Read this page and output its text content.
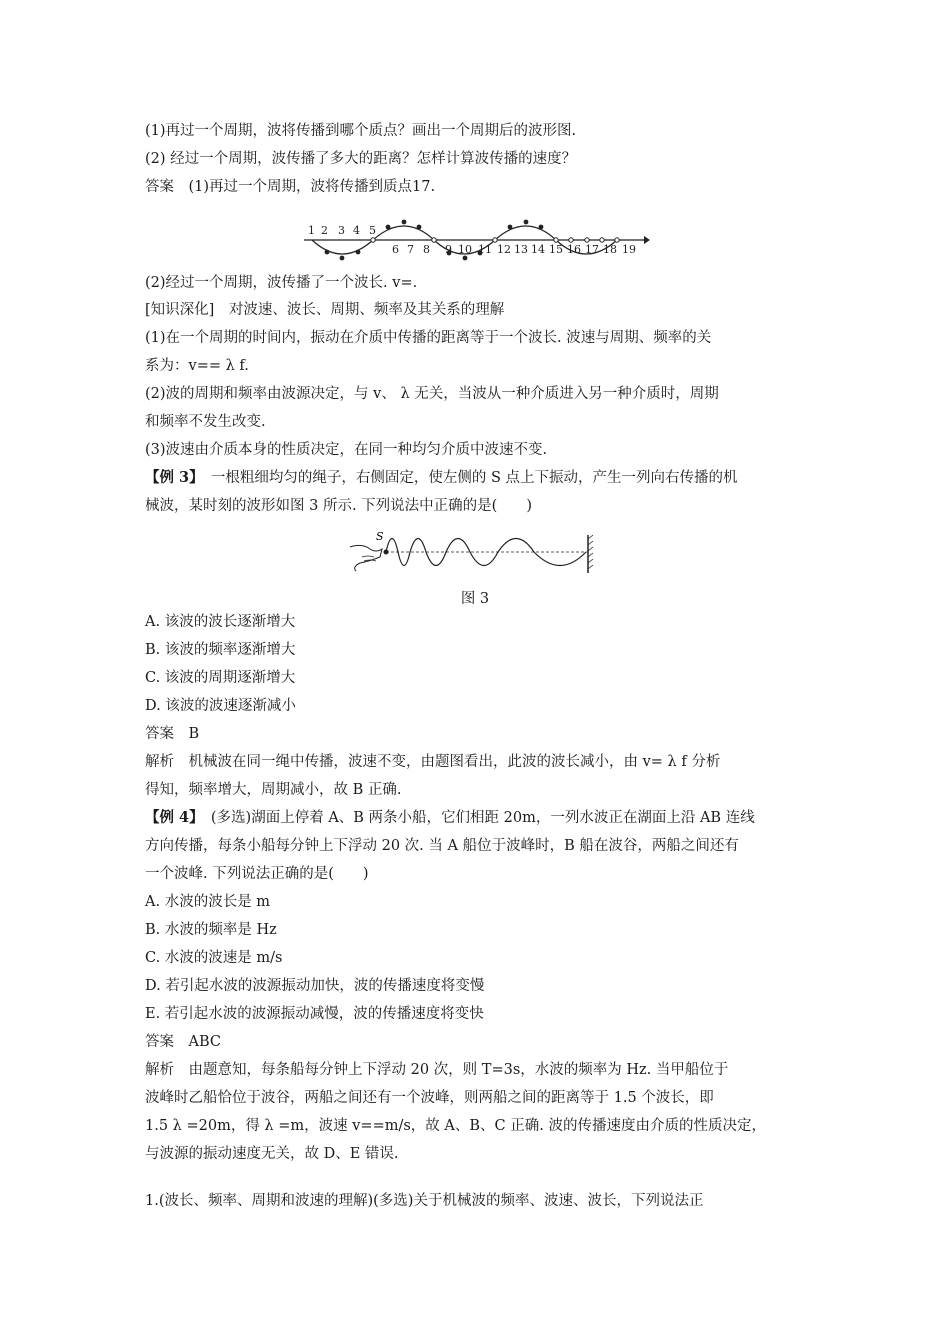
(1)再过一个周期，波将传播到哪个质点？画出一个周期后的波形图.
(2) 经过一个周期，波传播了多大的距离？怎样计算波传播的速度？
答案　(1)再过一个周期，波将传播到质点17.
1 2 3 4 5
6 7 8 9 10 11 12 13 14 15 16 17 18 19
(2)经过一个周期，波传播了一个波长. v=.
[知识深化]　对波速、波长、周期、频率及其关系的理解
(1)在一个周期的时间内，振动在介质中传播的距离等于一个波长. 波速与周期、频率的关
系为：v== λ f.
(2)波的周期和频率由波源决定，与 v、 λ 无关，当波从一种介质进入另一种介质时，周期
和频率不发生改变.
(3)波速由介质本身的性质决定，在同一种均匀介质中波速不变.
【例 3】　 一根粗细均匀的绳子，右侧固定，使左侧的 S 点上下振动，产生一列向右传播的机
械波，某时刻的波形如图 3 所示. 下列说法中正确的是(　　)
S
图 3
A. 该波的波长逐渐增大
B. 该波的频率逐渐增大
C. 该波的周期逐渐增大
D. 该波的波速逐渐减小
答案　B
解析　机械波在同一绳中传播，波速不变，由题图看出，此波的波长减小，由 v= λ f 分析
得知，频率增大，周期减小，故 B 正确.
【例 4】　 (多选)湖面上停着 A、B 两条小船，它们相距 20m，一列水波正在湖面上沿 AB 连线
方向传播，每条小船每分钟上下浮动 20 次. 当 A 船位于波峰时，B 船在波谷，两船之间还有
一个波峰. 下列说法正确的是(　　)
A. 水波的波长是 m
B. 水波的频率是 Hz
C. 水波的波速是 m/s
D. 若引起水波的波源振动加快，波的传播速度将变慢
E. 若引起水波的波源振动减慢，波的传播速度将变快
答案　ABC
解析　由题意知，每条船每分钟上下浮动 20 次，则 T=3s，水波的频率为 Hz. 当甲船位于
波峰时乙船恰位于波谷，两船之间还有一个波峰，则两船之间的距离等于 1.5 个波长，即
1.5 λ =20m，得 λ =m，波速 v==m/s，故 A、B、C 正确. 波的传播速度由介质的性质决定，
与波源的振动速度无关，故 D、E 错误.
1.(波长、频率、周期和波速的理解)(多选)关于机械波的频率、波速、波长，下列说法正
